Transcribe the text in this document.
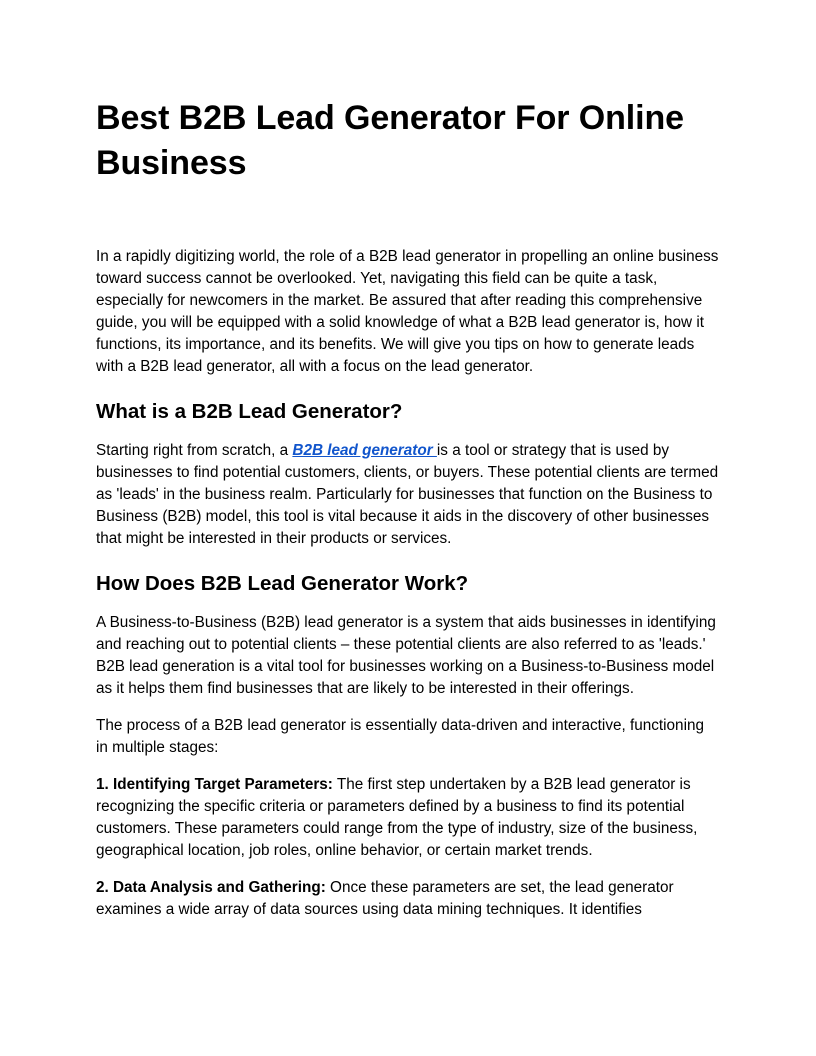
Best B2B Lead Generator For Online Business

In a rapidly digitizing world, the role of a B2B lead generator in propelling an online business toward success cannot be overlooked. Yet, navigating this field can be quite a task, especially for newcomers in the market. Be assured that after reading this comprehensive guide, you will be equipped with a solid knowledge of what a B2B lead generator is, how it functions, its importance, and its benefits. We will give you tips on how to generate leads with a B2B lead generator, all with a focus on the lead generator.

What is a B2B Lead Generator?

Starting right from scratch, a B2B lead generator is a tool or strategy that is used by businesses to find potential customers, clients, or buyers. These potential clients are termed as 'leads' in the business realm. Particularly for businesses that function on the Business to Business (B2B) model, this tool is vital because it aids in the discovery of other businesses that might be interested in their products or services.

How Does B2B Lead Generator Work?

A Business-to-Business (B2B) lead generator is a system that aids businesses in identifying and reaching out to potential clients – these potential clients are also referred to as 'leads.' B2B lead generation is a vital tool for businesses working on a Business-to-Business model as it helps them find businesses that are likely to be interested in their offerings.

The process of a B2B lead generator is essentially data-driven and interactive, functioning in multiple stages:

1. Identifying Target Parameters: The first step undertaken by a B2B lead generator is recognizing the specific criteria or parameters defined by a business to find its potential customers. These parameters could range from the type of industry, size of the business, geographical location, job roles, online behavior, or certain market trends.

2. Data Analysis and Gathering: Once these parameters are set, the lead generator examines a wide array of data sources using data mining techniques. It identifies
